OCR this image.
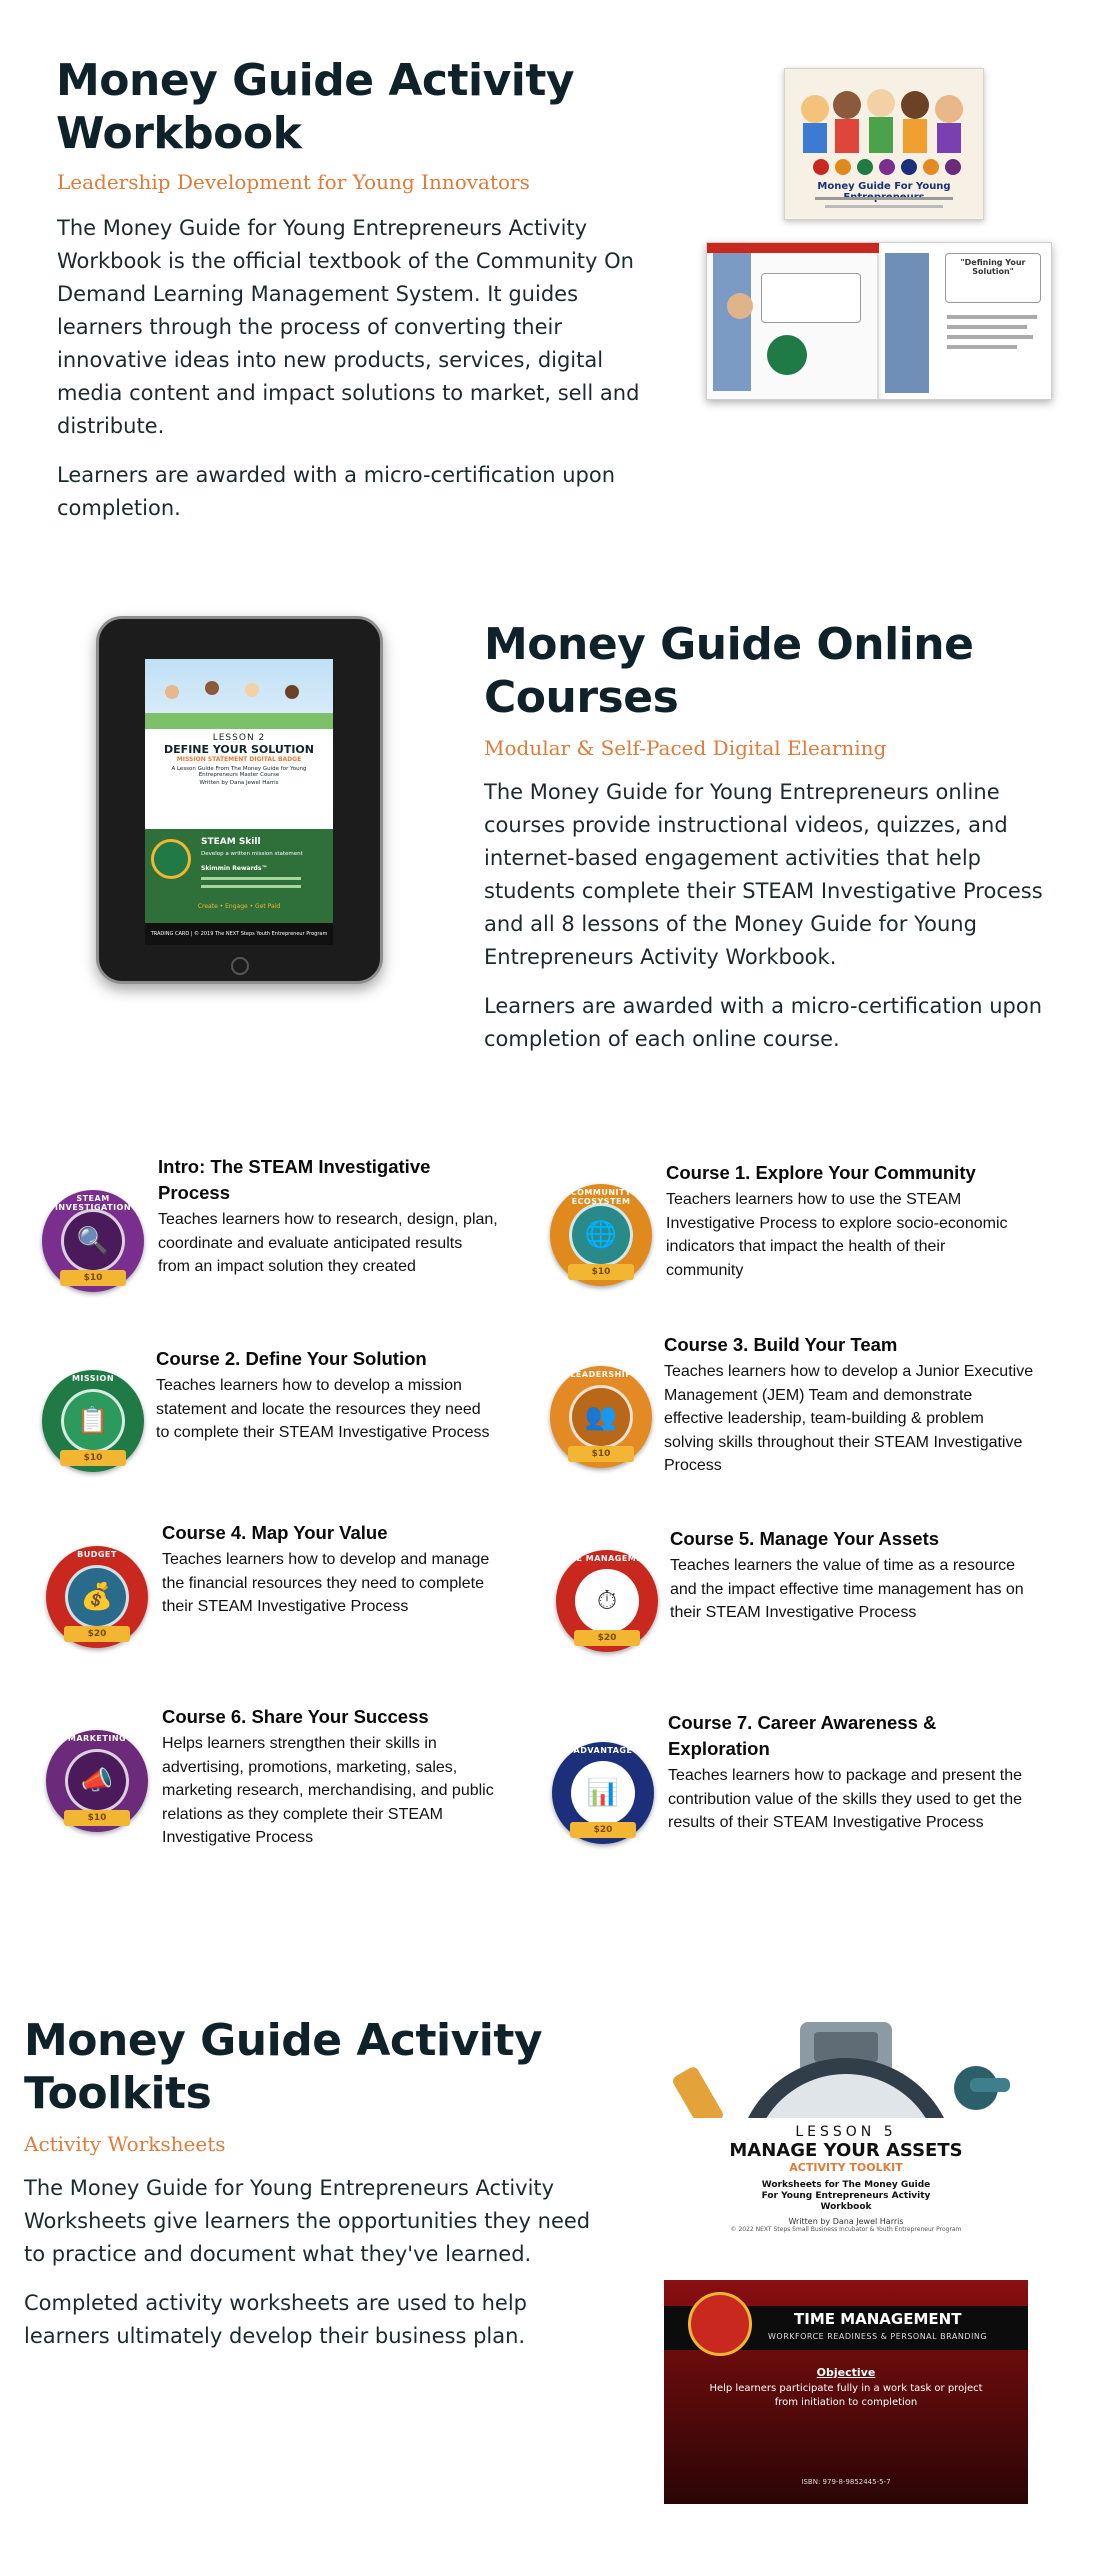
Money Guide Activity Workbook
Leadership Development for Young Innovators

The Money Guide for Young Entrepreneurs Activity Workbook is the official textbook of the Community On Demand Learning Management System. It guides learners through the process of converting their innovative ideas into new products, services, digital media content and impact solutions to market, sell and distribute.

Learners are awarded with a micro-certification upon completion.

Money Guide For Young
"Defining Your Solution"
LESSON 2
DEFINE YOUR SOLUTION
MISSION STATEMENT DIGITAL BADGE
A Lesson Guide From The Money Guide for Young Entrepreneurs Master Course
Written by Dana Jewel Harris
STEAM Skill
Develop a written mission statement
Skimmin Rewards™
Create • Engage • Get Paid
TRADING CARD | © 2019 The NEXT Steps Youth Entrepreneur Program
Money Guide Online Courses
Modular & Self-Paced Digital Elearning

The Money Guide for Young Entrepreneurs online courses provide instructional videos, quizzes, and internet-based engagement activities that help students complete their STEAM Investigative Process and all 8 lessons of the Money Guide for Young Entrepreneurs Activity Workbook.

Learners are awarded with a micro-certification upon completion of each online course.

STEAM INVESTIGATION
🔍
$10
Intro: The STEAM Investigative Process
Teaches learners how to research, design, plan, coordinate and evaluate anticipated results from an impact solution they created
COMMUNITY ECOSYSTEM
🌐
$10
Course 1. Explore Your Community
Teachers learners how to use the STEAM Investigative Process to explore socio-economic indicators that impact the health of their community
MISSION
📋
$10
Course 2. Define Your Solution
Teaches learners how to develop a mission statement and locate the resources they need to complete their STEAM Investigative Process
LEADERSHIP
👥
$10
Course 3. Build Your Team
Teaches learners how to develop a Junior Executive Management (JEM) Team and demonstrate effective leadership, team-building & problem solving skills throughout their STEAM Investigative Process
BUDGET
💰
$20
Course 4. Map Your Value
Teaches learners how to develop and manage the financial resources they need to complete their STEAM Investigative Process
TIME MANAGEMENT
⏱
$20
Course 5. Manage Your Assets
Teaches learners the value of time as a resource and the impact effective time management has on their STEAM Investigative Process
MARKETING
📣
$10
Course 6. Share Your Success
Helps learners strengthen their skills in advertising, promotions, marketing, sales, marketing research, merchandising, and public relations as they complete their STEAM Investigative Process
ADVANTAGE
📊
$20
Course 7. Career Awareness & Exploration
Teaches learners how to package and present the contribution value of the skills they used to get the results of their STEAM Investigative Process
Money Guide Activity Toolkits
Activity Worksheets

The Money Guide for Young Entrepreneurs Activity Worksheets give learners the opportunities they need to practice and document what they've learned.

Completed activity worksheets are used to help learners ultimately develop their business plan.

LESSON 5
MANAGE YOUR ASSETS
ACTIVITY TOOLKIT
Worksheets for The Money Guide For Young Entrepreneurs Activity Workbook
Written by Dana Jewel Harris
© 2022 NEXT Steps Small Business Incubator & Youth Entrepreneur Program
TIME MANAGEMENT
WORKFORCE READINESS & PERSONAL BRANDING
Objective
Help learners participate fully in a work task or project from initiation to completion
ISBN: 979-8-9852445-5-7
